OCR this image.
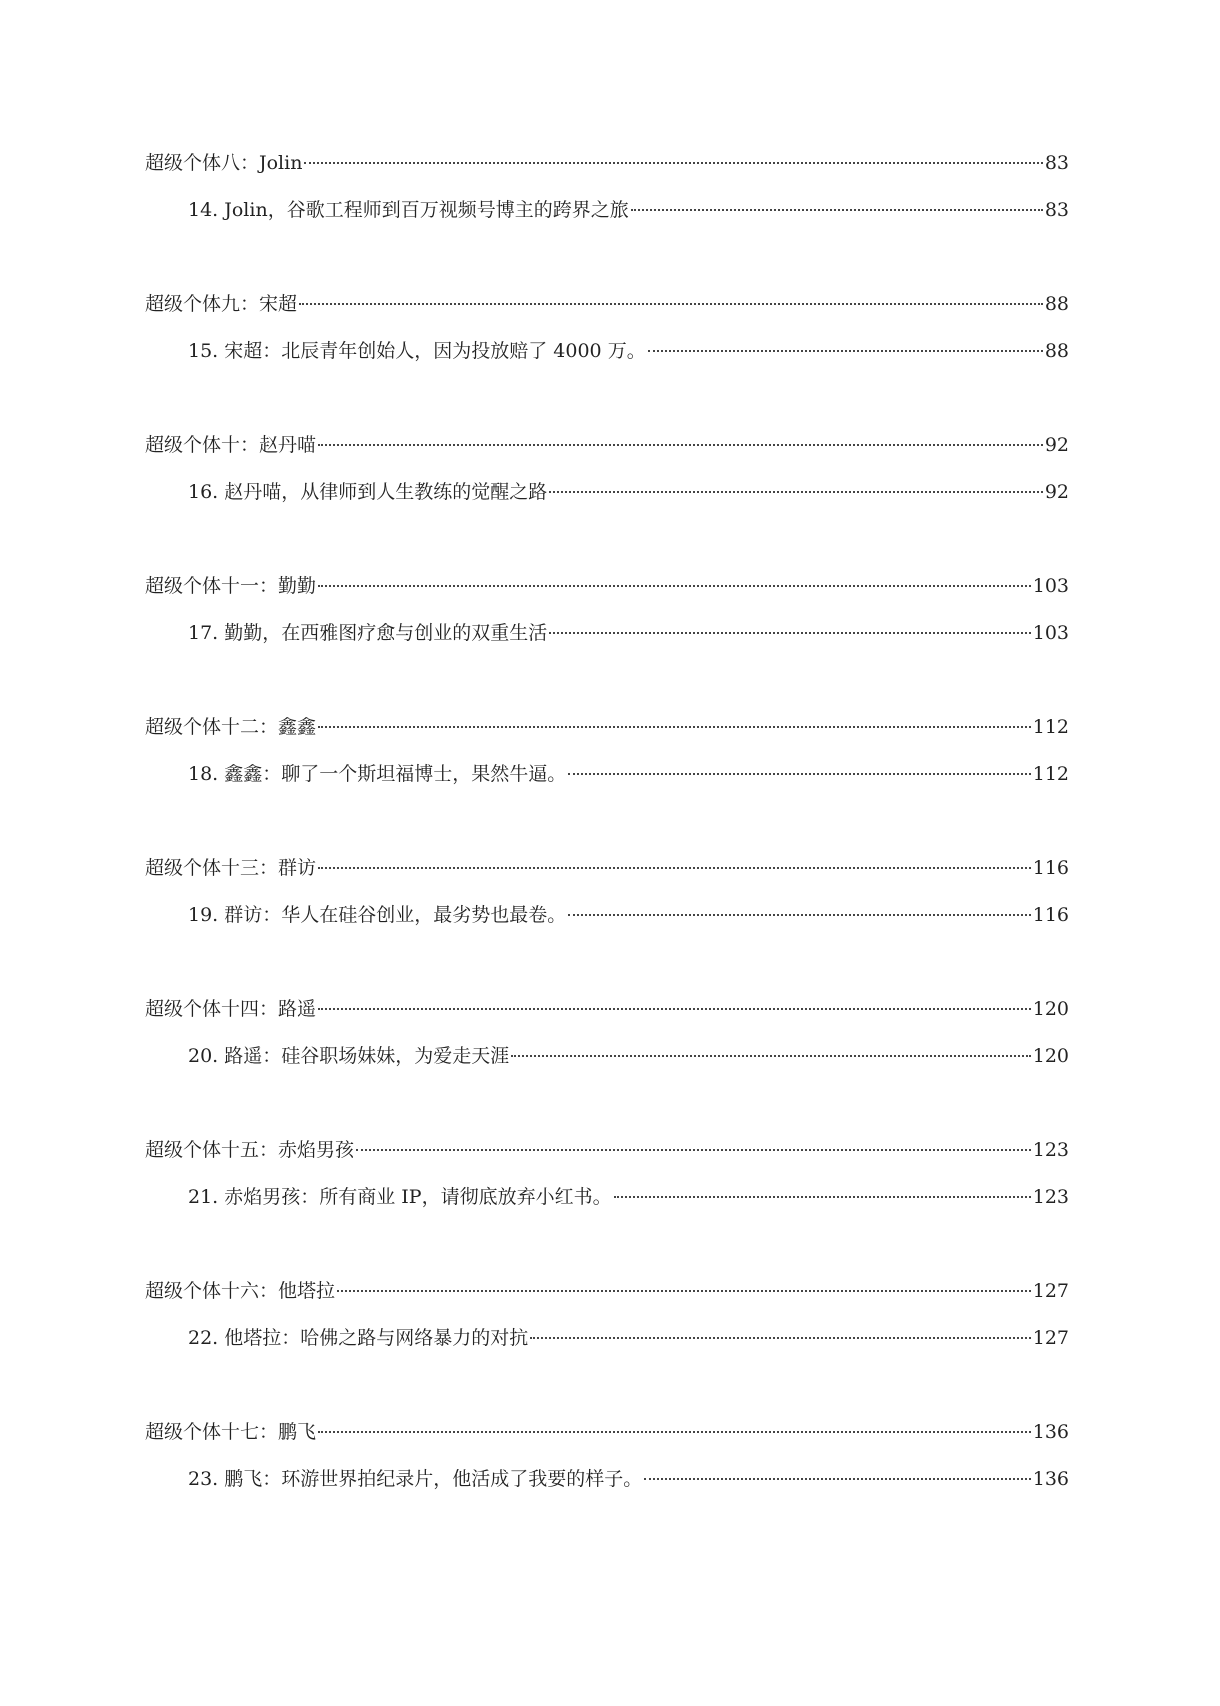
超级个体八：Jolin	83
14. Jolin，谷歌工程师到百万视频号博主的跨界之旅	83
超级个体九：宋超	88
15. 宋超：北辰青年创始人，因为投放赔了 4000 万。	88
超级个体十：赵丹喵	92
16. 赵丹喵，从律师到人生教练的觉醒之路	92
超级个体十一：勤勤	103
17. 勤勤，在西雅图疗愈与创业的双重生活	103
超级个体十二：鑫鑫	112
18. 鑫鑫：聊了一个斯坦福博士，果然牛逼。	112
超级个体十三：群访	116
19. 群访：华人在硅谷创业，最劣势也最卷。	116
超级个体十四：路遥	120
20. 路遥：硅谷职场妹妹，为爱走天涯	120
超级个体十五：赤焰男孩	123
21. 赤焰男孩：所有商业 IP，请彻底放弃小红书。	123
超级个体十六：他塔拉	127
22. 他塔拉：哈佛之路与网络暴力的对抗	127
超级个体十七：鹏飞	136
23. 鹏飞：环游世界拍纪录片，他活成了我要的样子。	136
